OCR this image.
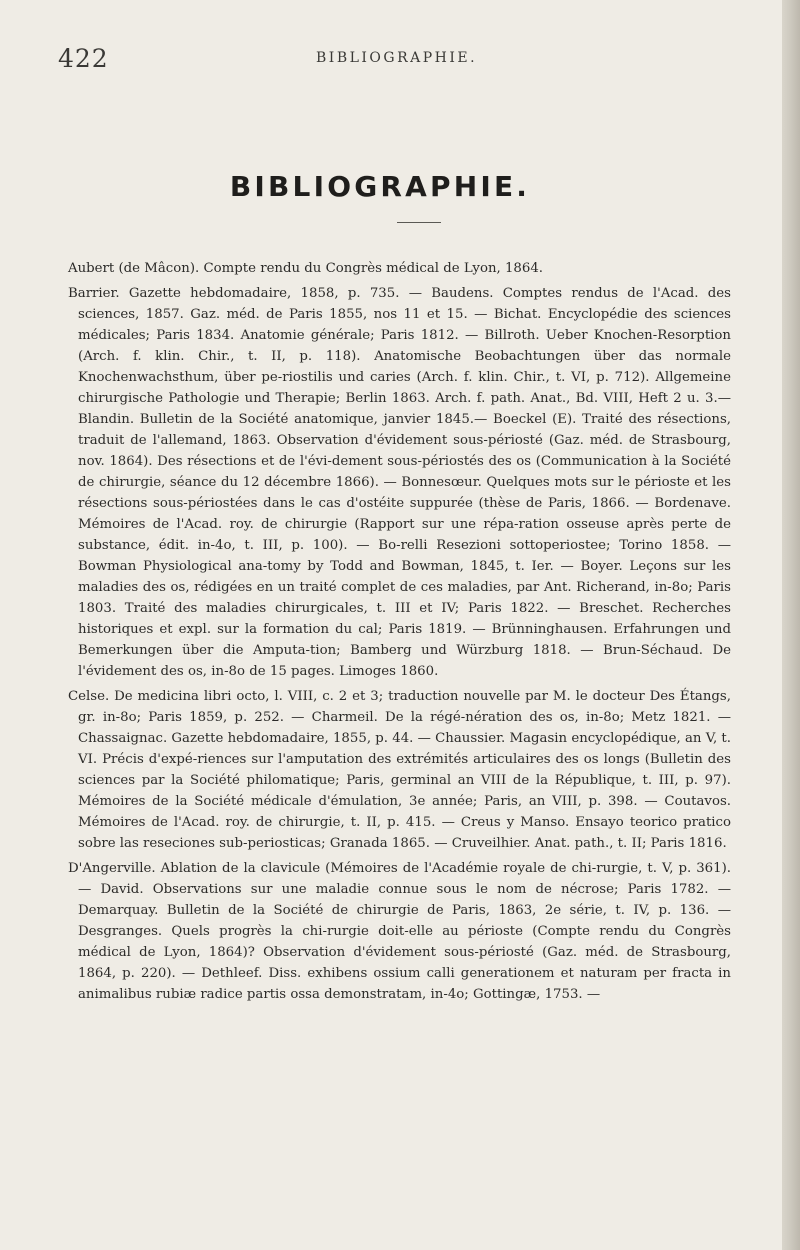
422	BIBLIOGRAPHIE.
BIBLIOGRAPHIE.

Aubert (de Mâcon). Compte rendu du Congrès médical de Lyon, 1864.

Barrier. Gazette hebdomadaire, 1858, p. 735. — Baudens. Comptes rendus de l'Acad. des sciences, 1857. Gaz. méd. de Paris 1855, nos 11 et 15. — Bichat. Encyclopédie des sciences médicales; Paris 1834. Anatomie générale; Paris 1812. — Billroth. Ueber Knochen-Resorption (Arch. f. klin. Chir., t. II, p. 118). Anatomische Beobachtungen über das normale Knochenwachsthum, über pe-riostilis und caries (Arch. f. klin. Chir., t. VI, p. 712). Allgemeine chirurgische Pathologie und Therapie; Berlin 1863. Arch. f. path. Anat., Bd. VIII, Heft 2 u. 3.— Blandin. Bulletin de la Société anatomique, janvier 1845.— Boeckel (E). Traité des résections, traduit de l'allemand, 1863. Observation d'évidement sous-périosté (Gaz. méd. de Strasbourg, nov. 1864). Des résections et de l'évi-dement sous-périostés des os (Communication à la Société de chirurgie, séance du 12 décembre 1866). — Bonnesœur. Quelques mots sur le périoste et les résections sous-périostées dans le cas d'ostéite suppurée (thèse de Paris, 1866. — Bordenave. Mémoires de l'Acad. roy. de chirurgie (Rapport sur une répa-ration osseuse après perte de substance, édit. in-4o, t. III, p. 100). — Bo-relli Resezioni sottoperiostee; Torino 1858. — Bowman Physiological ana-tomy by Todd and Bowman, 1845, t. Ier. — Boyer. Leçons sur les maladies des os, rédigées en un traité complet de ces maladies, par Ant. Richerand, in-8o; Paris 1803. Traité des maladies chirurgicales, t. III et IV; Paris 1822. — Breschet. Recherches historiques et expl. sur la formation du cal; Paris 1819. — Brünninghausen. Erfahrungen und Bemerkungen über die Amputa-tion; Bamberg und Würzburg 1818. — Brun-Séchaud. De l'évidement des os, in-8o de 15 pages. Limoges 1860.

Celse. De medicina libri octo, l. VIII, c. 2 et 3; traduction nouvelle par M. le docteur Des Étangs, gr. in-8o; Paris 1859, p. 252. — Charmeil. De la régé-nération des os, in-8o; Metz 1821. — Chassaignac. Gazette hebdomadaire, 1855, p. 44. — Chaussier. Magasin encyclopédique, an V, t. VI. Précis d'expé-riences sur l'amputation des extrémités articulaires des os longs (Bulletin des sciences par la Société philomatique; Paris, germinal an VIII de la République, t. III, p. 97). Mémoires de la Société médicale d'émulation, 3e année; Paris, an VIII, p. 398. — Coutavos. Mémoires de l'Acad. roy. de chirurgie, t. II, p. 415. — Creus y Manso. Ensayo teorico pratico sobre las reseciones sub-periosticas; Granada 1865. — Cruveilhier. Anat. path., t. II; Paris 1816.

D'Angerville. Ablation de la clavicule (Mémoires de l'Académie royale de chi-rurgie, t. V, p. 361). — David. Observations sur une maladie connue sous le nom de nécrose; Paris 1782. — Demarquay. Bulletin de la Société de chirurgie de Paris, 1863, 2e série, t. IV, p. 136. — Desgranges. Quels progrès la chi-rurgie doit-elle au périoste (Compte rendu du Congrès médical de Lyon, 1864)? Observation d'évidement sous-périosté (Gaz. méd. de Strasbourg, 1864, p. 220). — Dethleef. Diss. exhibens ossium calli generationem et naturam per fracta in animalibus rubiæ radice partis ossa demonstratam, in-4o; Gottingæ, 1753. —
